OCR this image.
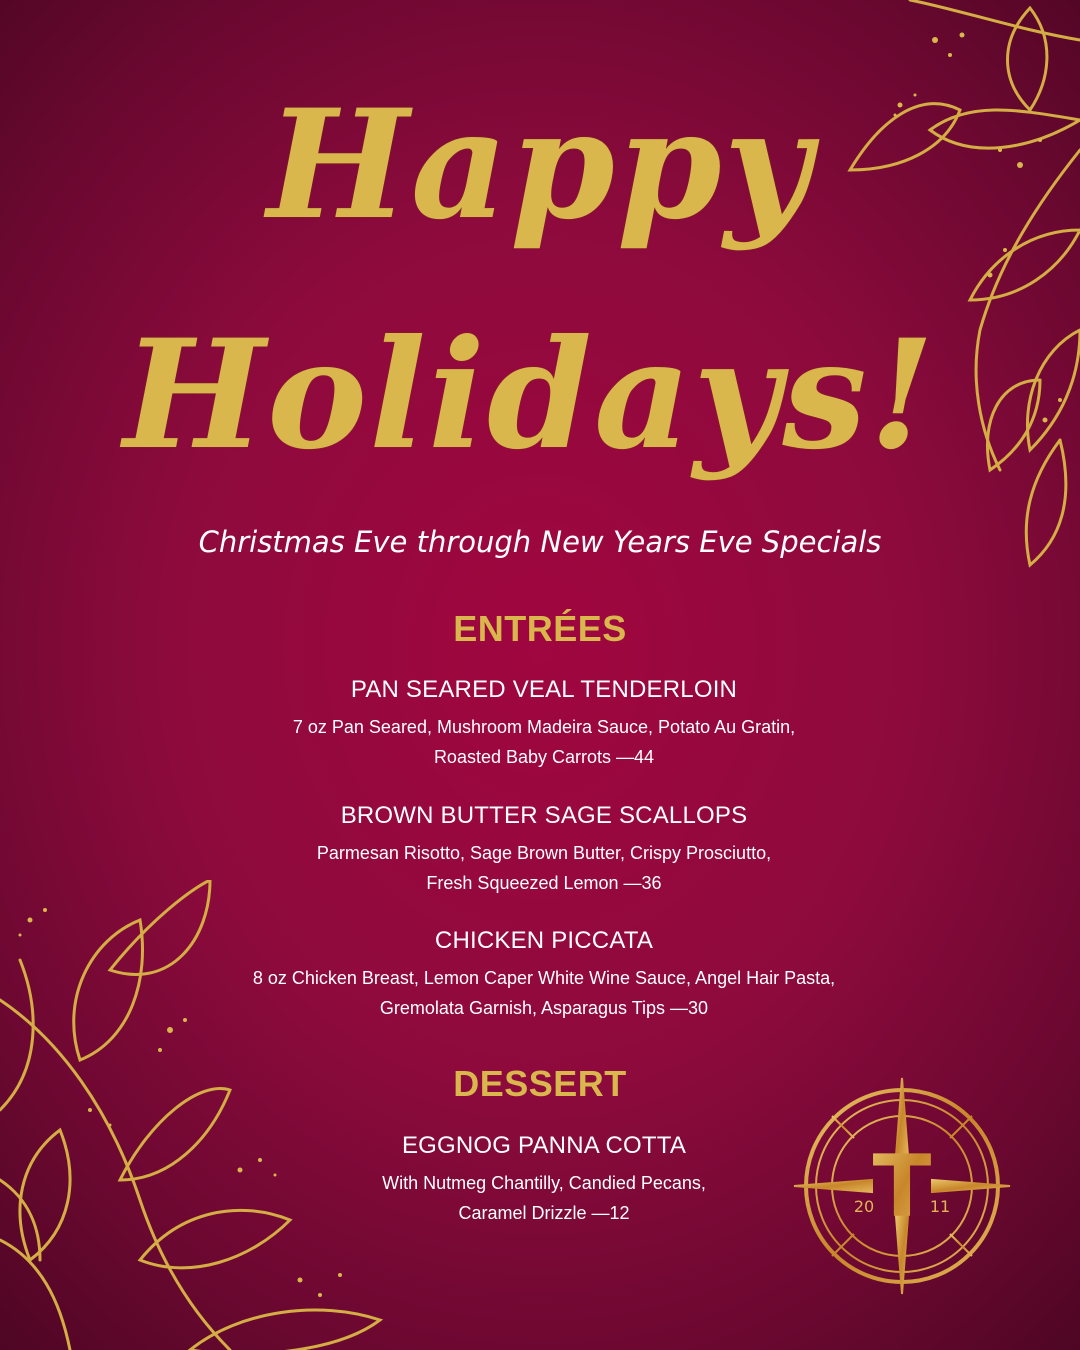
Happy
Holidays!

Christmas Eve through New Years Eve Specials

ENTRÉES

PAN SEARED VEAL TENDERLOIN

7 oz Pan Seared, Mushroom Madeira Sauce, Potato Au Gratin,
Roasted Baby Carrots —44

BROWN BUTTER SAGE SCALLOPS

Parmesan Risotto, Sage Brown Butter, Crispy Prosciutto,
Fresh Squeezed Lemon —36

CHICKEN PICCATA

8 oz Chicken Breast, Lemon Caper White Wine Sauce, Angel Hair Pasta,
Gremolata Garnish, Asparagus Tips —30

DESSERT

EGGNOG PANNA COTTA

With Nutmeg Chantilly, Candied Pecans,
Caramel Drizzle —12	T
20	11
